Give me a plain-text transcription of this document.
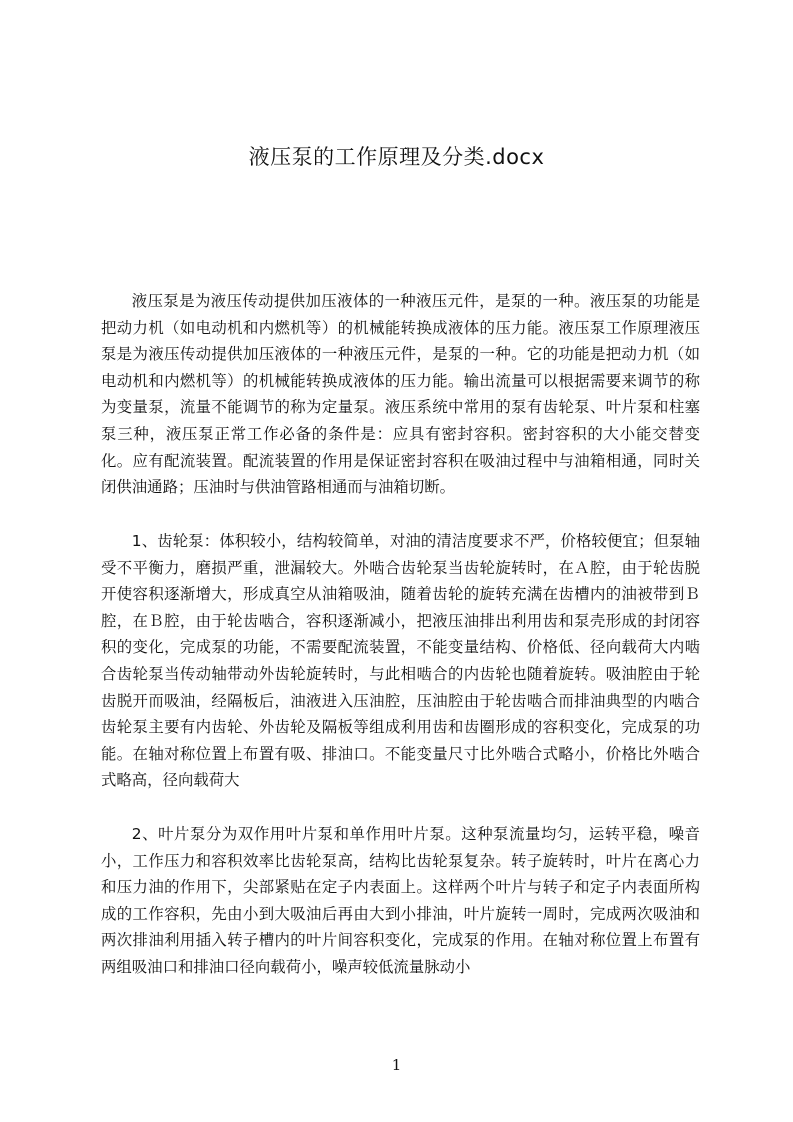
液压泵的工作原理及分类.docx
液压泵是为液压传动提供加压液体的一种液压元件，是泵的一种。液压泵的功能是把动力机（如电动机和内燃机等）的机械能转换成液体的压力能。液压泵工作原理液压泵是为液压传动提供加压液体的一种液压元件，是泵的一种。它的功能是把动力机（如电动机和内燃机等）的机械能转换成液体的压力能。输出流量可以根据需要来调节的称为变量泵，流量不能调节的称为定量泵。液压系统中常用的泵有齿轮泵、叶片泵和柱塞泵三种，液压泵正常工作必备的条件是：应具有密封容积。密封容积的大小能交替变化。应有配流装置。配流装置的作用是保证密封容积在吸油过程中与油箱相通，同时关闭供油通路；压油时与供油管路相通而与油箱切断。
1、齿轮泵：体积较小，结构较简单，对油的清洁度要求不严，价格较便宜；但泵轴受不平衡力，磨损严重，泄漏较大。外啮合齿轮泵当齿轮旋转时，在Ａ腔，由于轮齿脱开使容积逐渐增大，形成真空从油箱吸油，随着齿轮的旋转充满在齿槽内的油被带到Ｂ腔，在Ｂ腔，由于轮齿啮合，容积逐渐减小，把液压油排出利用齿和泵壳形成的封闭容积的变化，完成泵的功能，不需要配流装置，不能变量结构、价格低、径向载荷大内啮合齿轮泵当传动轴带动外齿轮旋转时，与此相啮合的内齿轮也随着旋转。吸油腔由于轮齿脱开而吸油，经隔板后，油液进入压油腔，压油腔由于轮齿啮合而排油典型的内啮合齿轮泵主要有内齿轮、外齿轮及隔板等组成利用齿和齿圈形成的容积变化，完成泵的功能。在轴对称位置上布置有吸、排油口。不能变量尺寸比外啮合式略小，价格比外啮合式略高，径向载荷大
2、叶片泵分为双作用叶片泵和单作用叶片泵。这种泵流量均匀，运转平稳，噪音小，工作压力和容积效率比齿轮泵高，结构比齿轮泵复杂。转子旋转时，叶片在离心力和压力油的作用下，尖部紧贴在定子内表面上。这样两个叶片与转子和定子内表面所构成的工作容积，先由小到大吸油后再由大到小排油，叶片旋转一周时，完成两次吸油和两次排油利用插入转子槽内的叶片间容积变化，完成泵的作用。在轴对称位置上布置有两组吸油口和排油口径向载荷小，噪声较低流量脉动小
1
